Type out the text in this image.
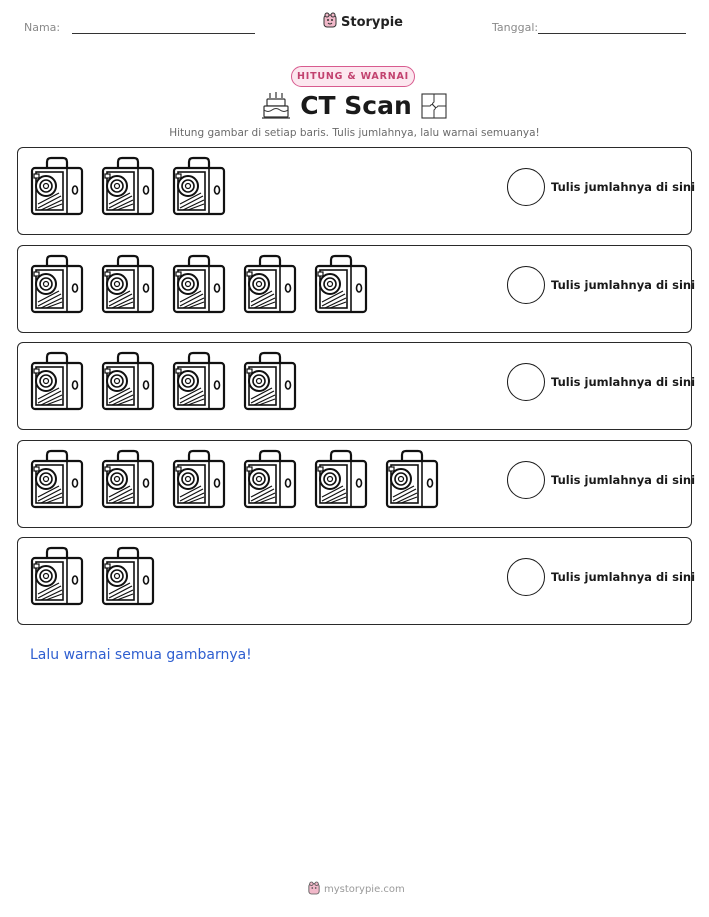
Nama:	Storypie	Tanggal:
HITUNG & WARNAI
CT Scan
Hitung gambar di setiap baris. Tulis jumlahnya, lalu warnai semuanya!
Tulis jumlahnya di sini
Tulis jumlahnya di sini
Tulis jumlahnya di sini
Tulis jumlahnya di sini
Tulis jumlahnya di sini
Lalu warnai semua gambarnya!
mystorypie.com
